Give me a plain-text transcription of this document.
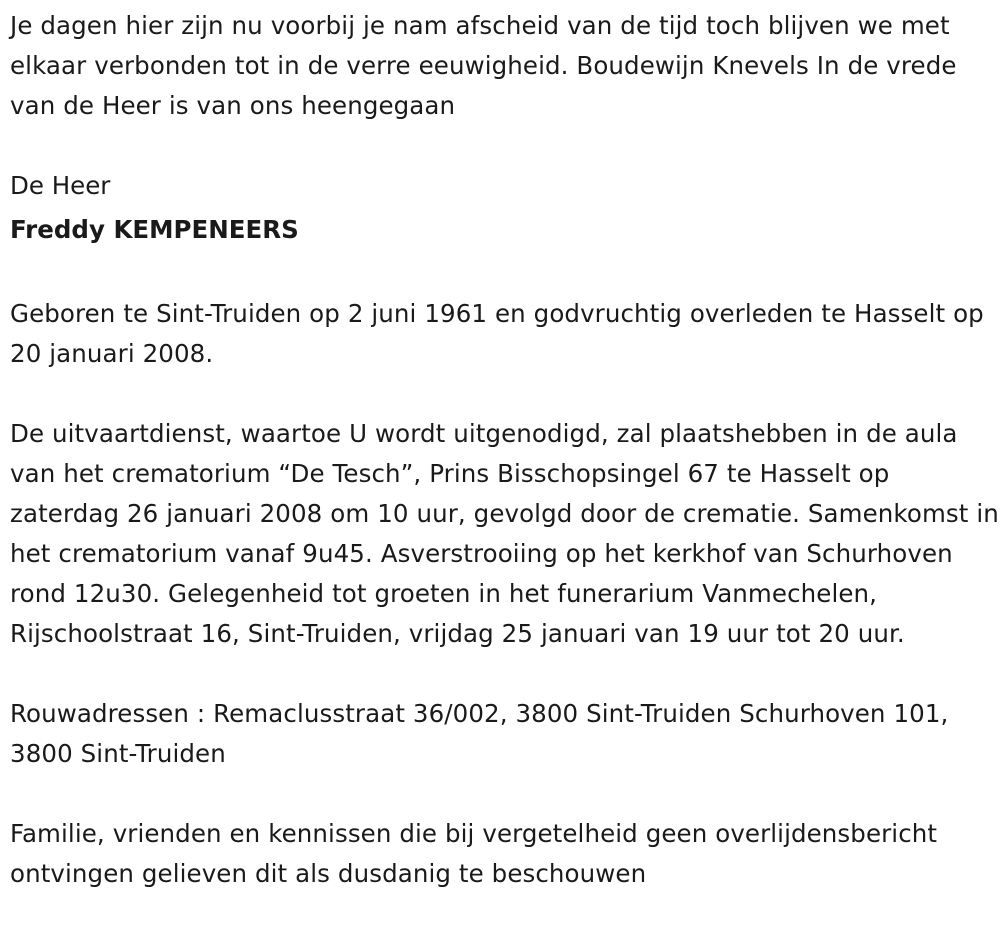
Je dagen hier zijn nu voorbij je nam afscheid van de tijd toch blijven we met elkaar verbonden tot in de verre eeuwigheid. Boudewijn Knevels In de vrede van de Heer is van ons heengegaan

De Heer

Freddy KEMPENEERS

Geboren te Sint-Truiden op 2 juni 1961 en godvruchtig overleden te Hasselt op 20 januari 2008.

De uitvaartdienst, waartoe U wordt uitgenodigd, zal plaatshebben in de aula van het crematorium “De Tesch”, Prins Bisschopsingel 67 te Hasselt op zaterdag 26 januari 2008 om 10 uur, gevolgd door de crematie. Samenkomst in het crematorium vanaf 9u45. Asverstrooiing op het kerkhof van Schurhoven rond 12u30. Gelegenheid tot groeten in het funerarium Vanmechelen, Rijschoolstraat 16, Sint-Truiden, vrijdag 25 januari van 19 uur tot 20 uur.

Rouwadressen : Remaclusstraat 36/002, 3800 Sint-Truiden Schurhoven 101, 3800 Sint-Truiden

Familie, vrienden en kennissen die bij vergetelheid geen overlijdensbericht ontvingen gelieven dit als dusdanig te beschouwen
